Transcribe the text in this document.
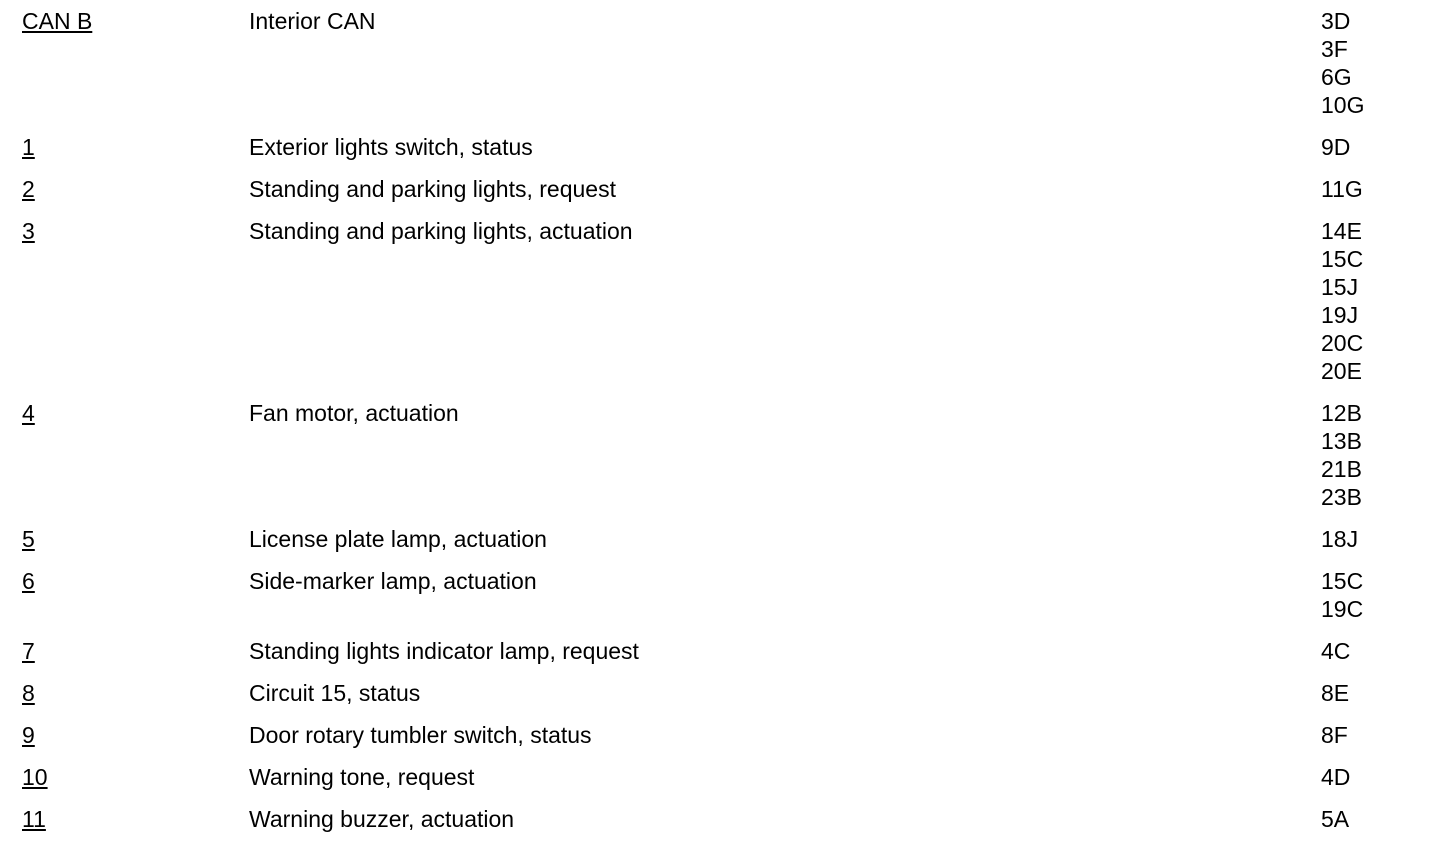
CAN B	Interior CAN	3D
3F
6G
10G
1	Exterior lights switch, status	9D
2	Standing and parking lights, request	11G
3	Standing and parking lights, actuation	14E
15C
15J
19J
20C
20E
4	Fan motor, actuation	12B
13B
21B
23B
5	License plate lamp, actuation	18J
6	Side-marker lamp, actuation	15C
19C
7	Standing lights indicator lamp, request	4C
8	Circuit 15, status	8E
9	Door rotary tumbler switch, status	8F
10	Warning tone, request	4D
11	Warning buzzer, actuation	5A
